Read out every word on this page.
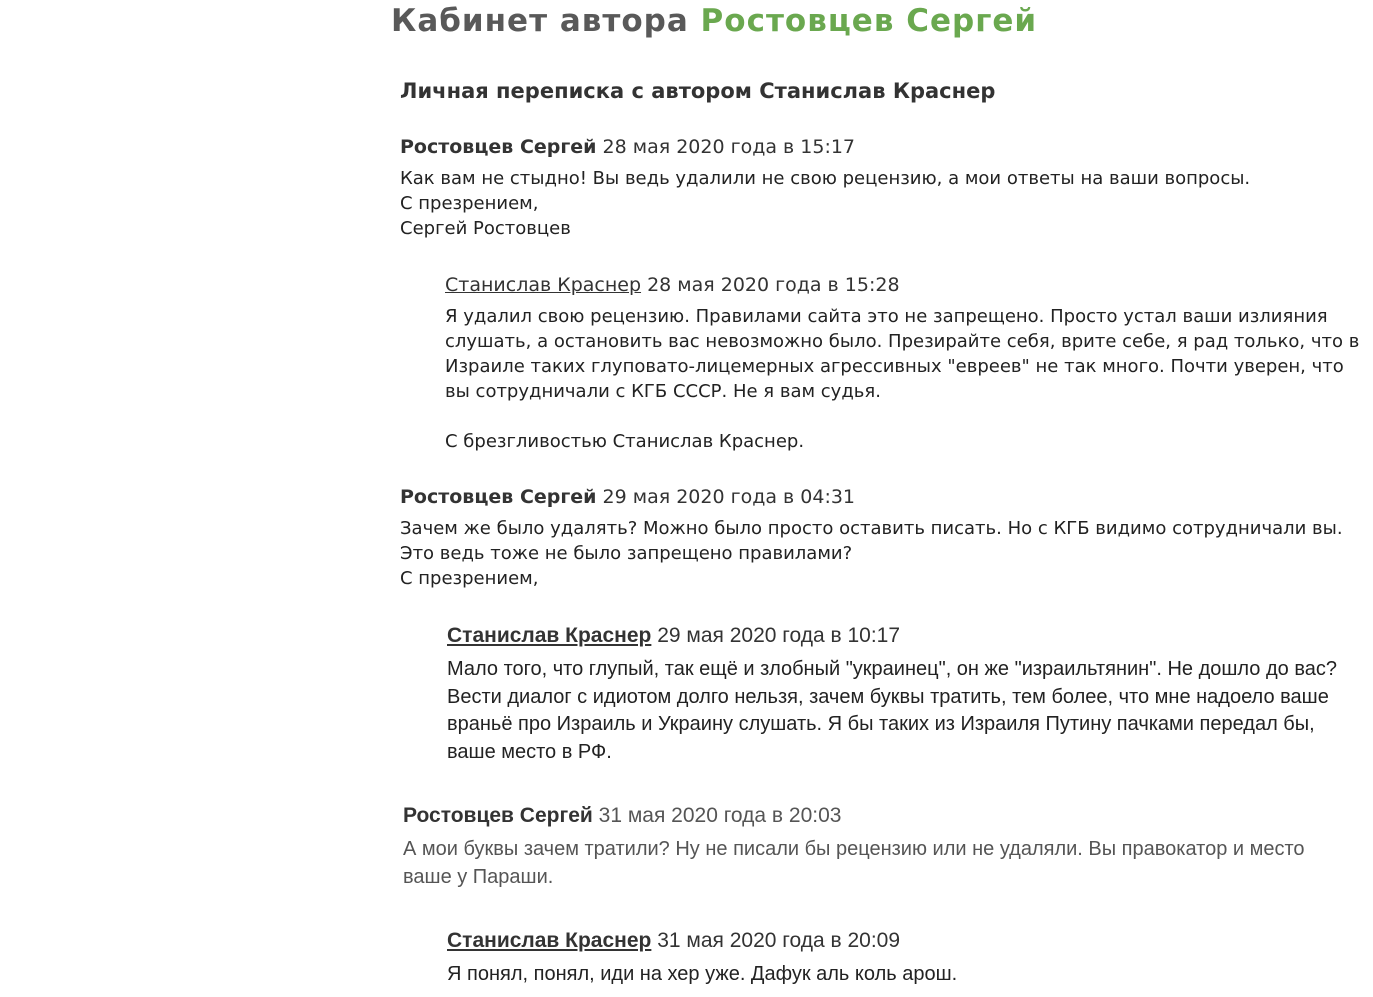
Кабинет автора Ростовцев Сергей
Личная переписка с автором Станислав Краснер
Ростовцев Сергей 28 мая 2020 года в 15:17

Как вам не стыдно! Вы ведь удалили не свою рецензию, а мои ответы на ваши вопросы.

С презрением,

Сергей Ростовцев

Станислав Краснер 28 мая 2020 года в 15:28

Я удалил свою рецензию. Правилами сайта это не запрещено. Просто устал ваши излияния слушать, а остановить вас невозможно было. Презирайте себя, врите себе, я рад только, что в Израиле таких глуповато-лицемерных агрессивных "евреев" не так много. Почти уверен, что вы сотрудничали с КГБ СССР. Не я вам судья.

С брезгливостью Станислав Краснер.

Ростовцев Сергей 29 мая 2020 года в 04:31

Зачем же было удалять? Можно было просто оставить писать. Но с КГБ видимо сотрудничали вы.

Это ведь тоже не было запрещено правилами?

С презрением,

Станислав Краснер 29 мая 2020 года в 10:17

Мало того, что глупый, так ещё и злобный "украинец", он же "израильтянин". Не дошло до вас? Вести диалог с идиотом долго нельзя, зачем буквы тратить, тем более, что мне надоело ваше враньё про Израиль и Украину слушать. Я бы таких из Израиля Путину пачками передал бы, ваше место в РФ.

Ростовцев Сергей 31 мая 2020 года в 20:03

А мои буквы зачем тратили? Ну не писали бы рецензию или не удаляли. Вы правокатор и место ваше у Параши.

Станислав Краснер 31 мая 2020 года в 20:09

Я понял, понял, иди на хер уже. Дафук аль коль арош.
